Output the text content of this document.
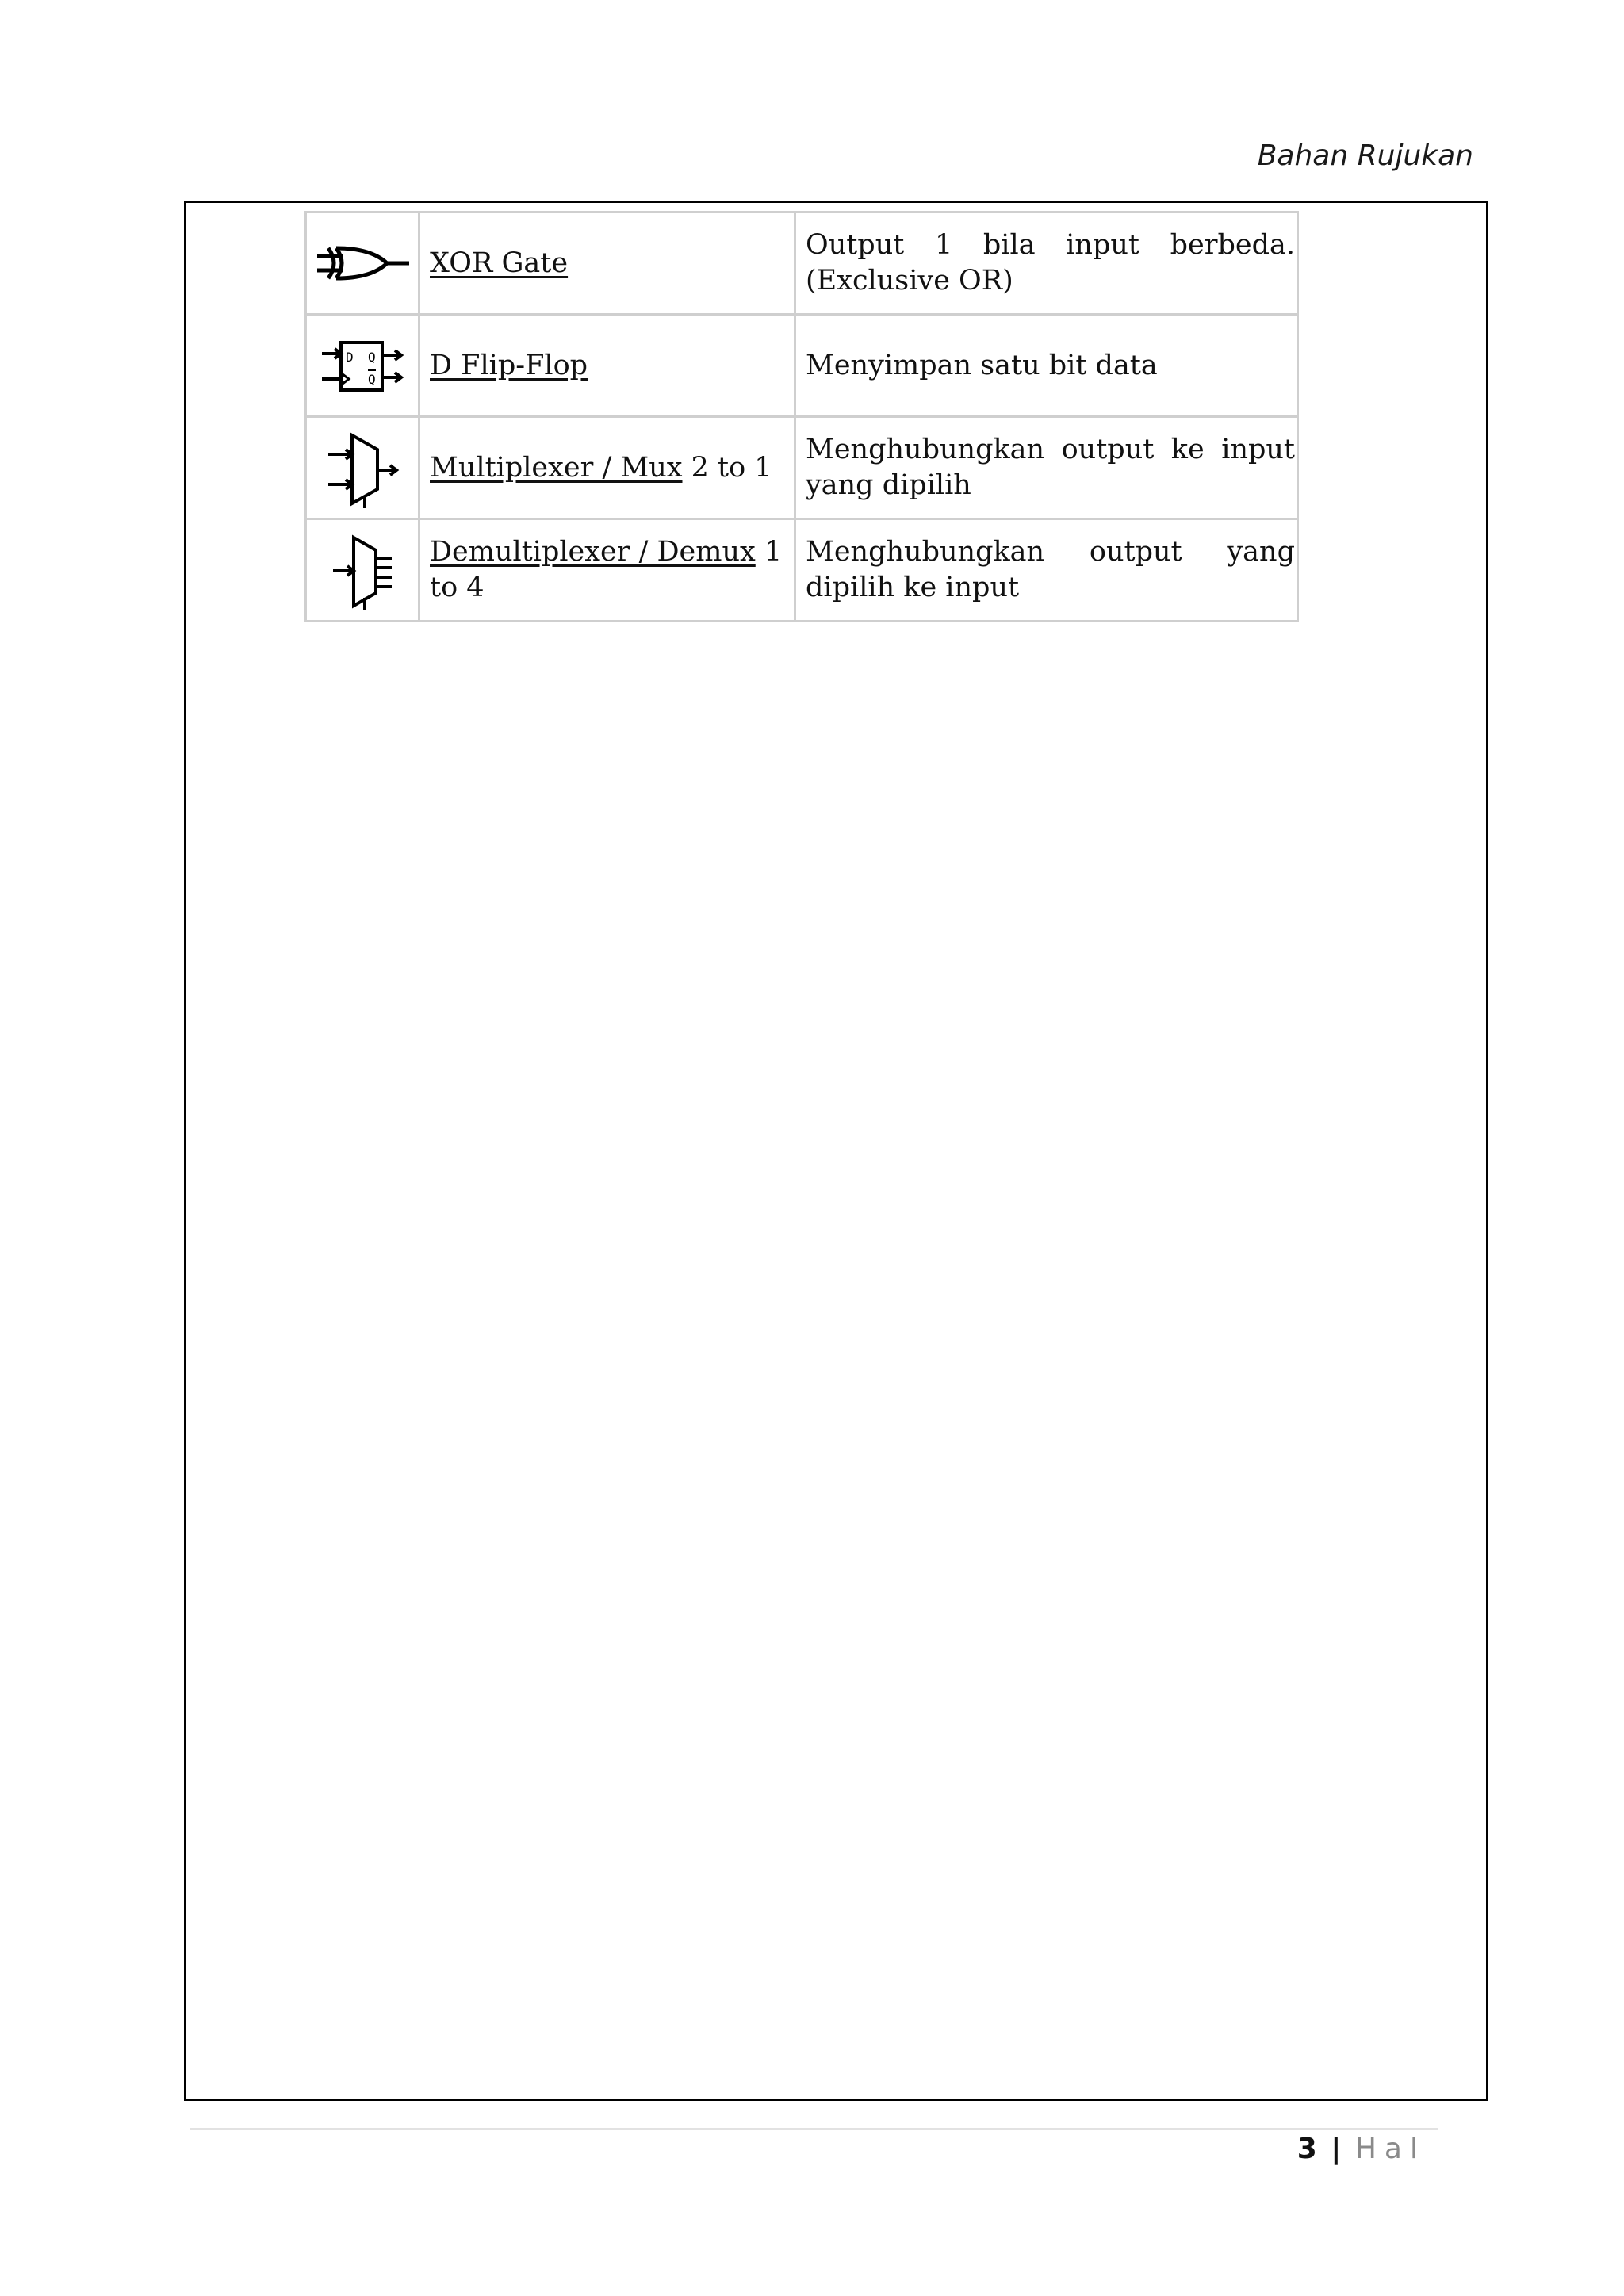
Bahan Rujukan
	XOR Gate	Output 1 bila input berbeda. (Exclusive OR)

D Q
Q	D Flip-Flop	Menyimpan satu bit data

	Multiplexer / Mux 2 to 1	Menghubungkan output ke input yang dipilih

	Demultiplexer / Demux 1 to 4	Menghubungkan output yang dipilih ke input
3 | Hal
